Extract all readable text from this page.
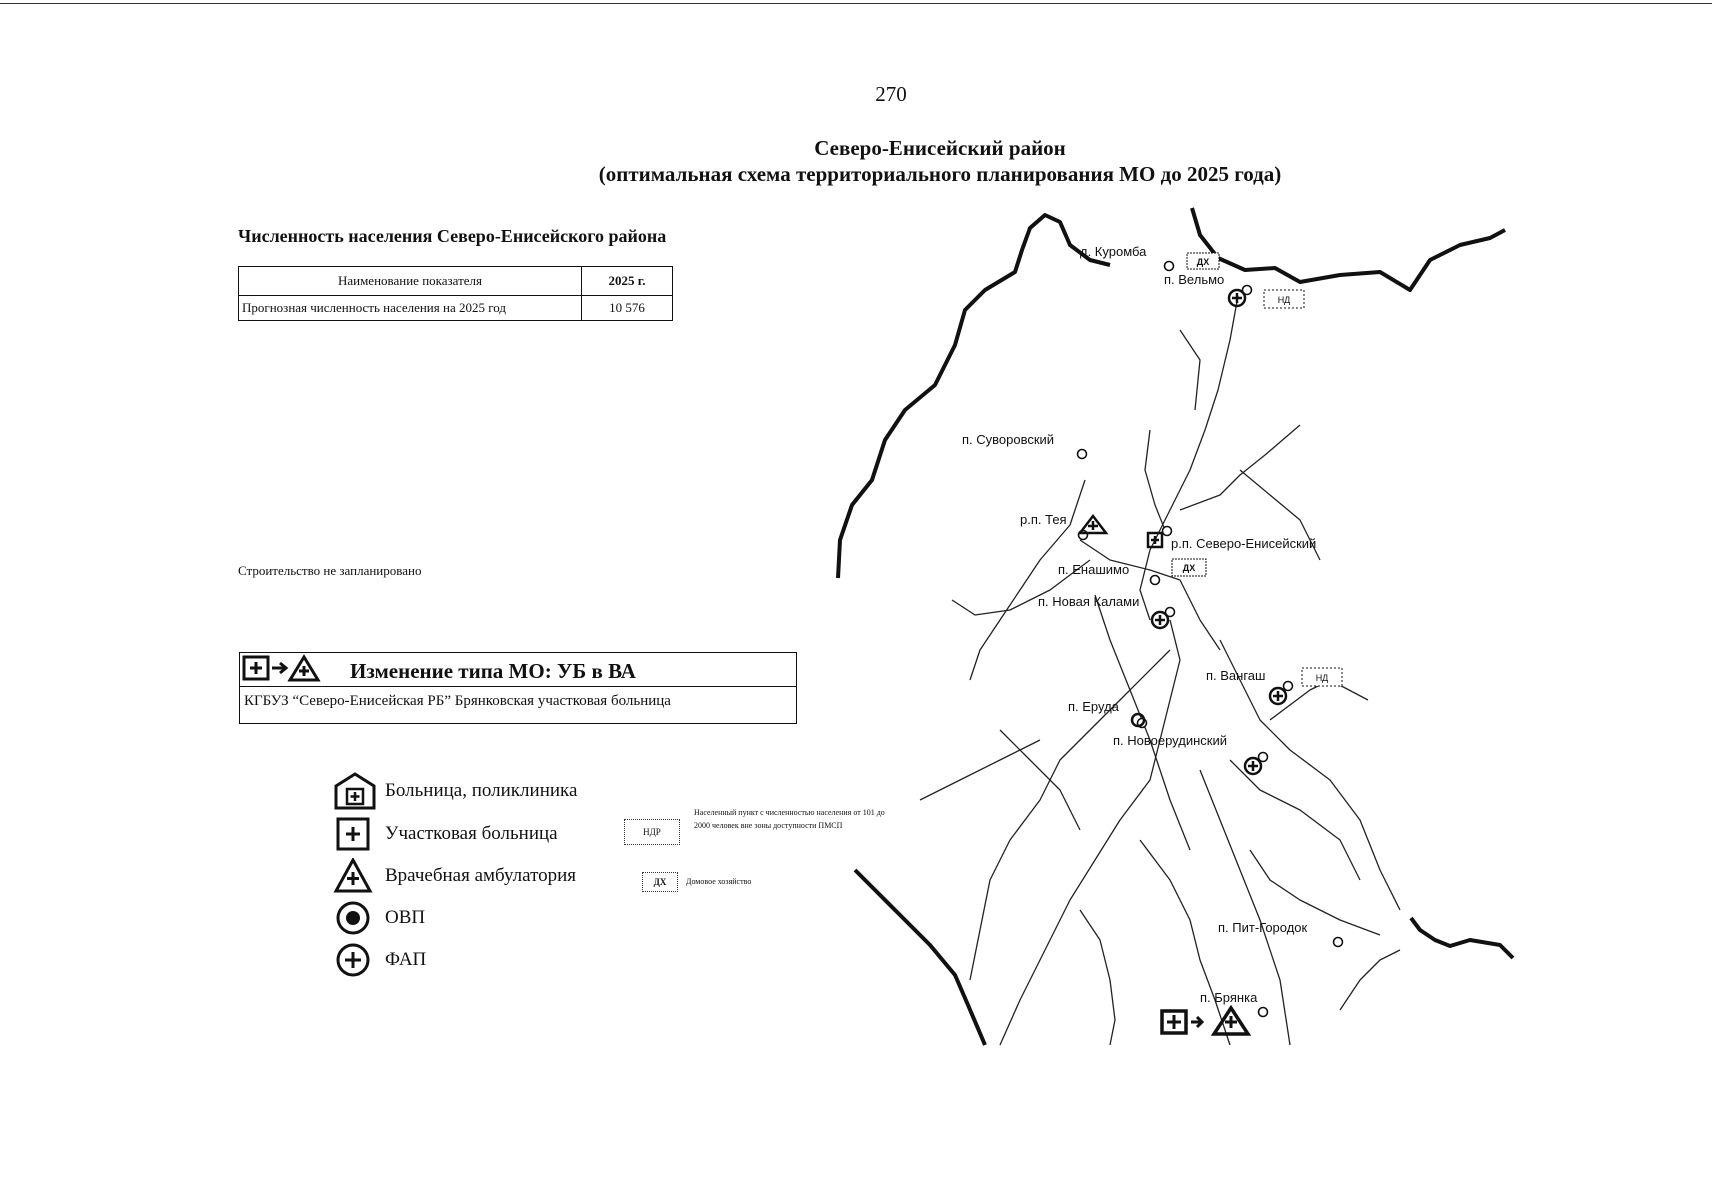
270
Северо-Енисейский район
(оптимальная схема территориального планирования МО до 2025 года)
Численность населения Северо-Енисейского района
Наименование показателя	2025 г.
Прогнозная численность населения на 2025 год	10 576
Строительство не запланировано
Изменение типа МО: УБ в ВА
КГБУЗ “Северо-Енисейская РБ” Брянковская участковая больница
Больница, поликлиника
Участковая больница
Врачебная амбулатория
ОВП
ФАП
НДР
Населенный пункт с численностью населения от 101 до 2000 человек вне зоны доступности ПМСП
ДХ	Домовое хозяйство
ДХ
НД
ДХ
НД
д. Куромба
п. Вельмо
п. Суворовский
р.п. Тея
р.п. Северо-Енисейский
п. Енашимо
п. Новая Калами
п. Вангаш
п. Еруда
п. Новоерудинский
п. Пит-Городок
п. Брянка
